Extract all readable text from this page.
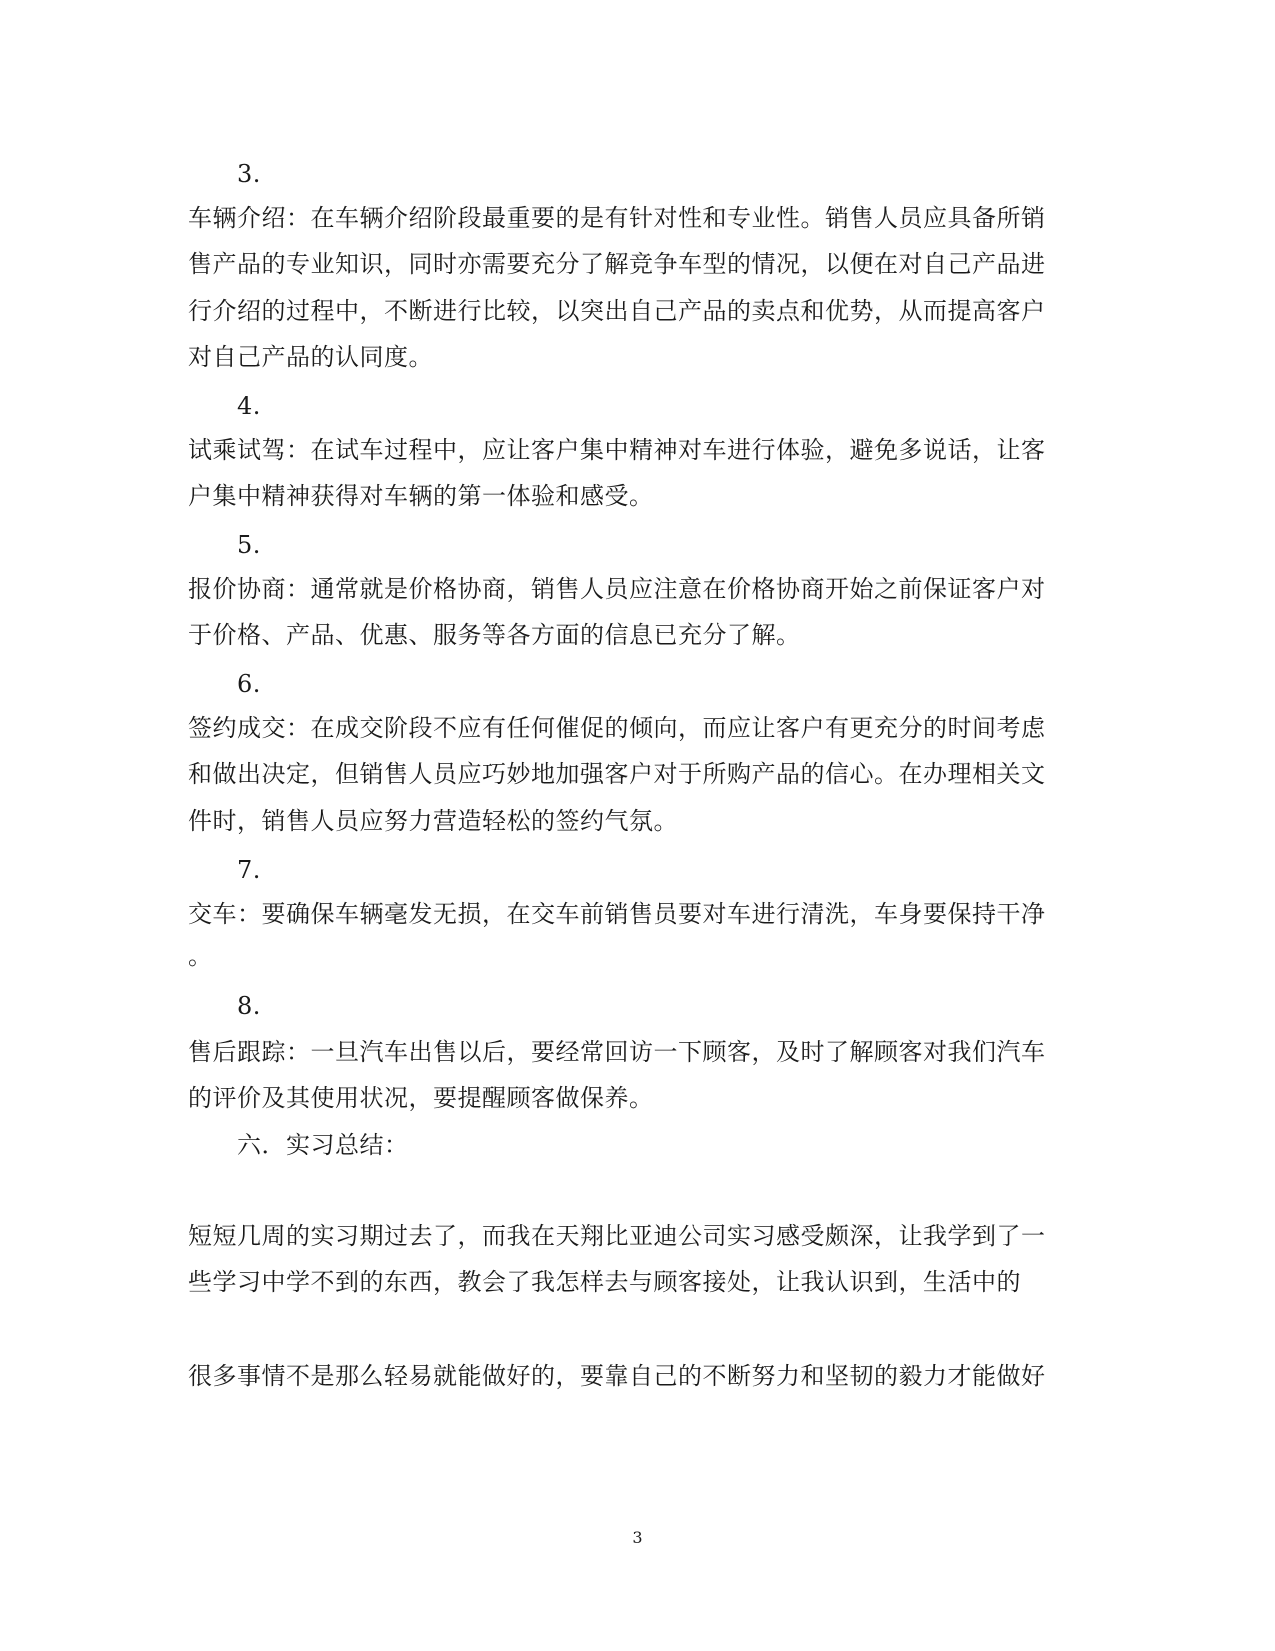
3.
车辆介绍：在车辆介绍阶段最重要的是有针对性和专业性。销售人员应具备所销
售产品的专业知识，同时亦需要充分了解竞争车型的情况，以便在对自己产品进
行介绍的过程中，不断进行比较，以突出自己产品的卖点和优势，从而提高客户
对自己产品的认同度。
4.
试乘试驾：在试车过程中，应让客户集中精神对车进行体验，避免多说话，让客
户集中精神获得对车辆的第一体验和感受。
5.
报价协商：通常就是价格协商，销售人员应注意在价格协商开始之前保证客户对
于价格、产品、优惠、服务等各方面的信息已充分了解。
6.
签约成交：在成交阶段不应有任何催促的倾向，而应让客户有更充分的时间考虑
和做出决定，但销售人员应巧妙地加强客户对于所购产品的信心。在办理相关文
件时，销售人员应努力营造轻松的签约气氛。
7.
交车：要确保车辆毫发无损，在交车前销售员要对车进行清洗，车身要保持干净
。
8.
售后跟踪：一旦汽车出售以后，要经常回访一下顾客，及时了解顾客对我们汽车
的评价及其使用状况，要提醒顾客做保养。
六．实习总结：
短短几周的实习期过去了，而我在天翔比亚迪公司实习感受颇深，让我学到了一
些学习中学不到的东西，教会了我怎样去与顾客接处，让我认识到，生活中的
很多事情不是那么轻易就能做好的，要靠自己的不断努力和坚韧的毅力才能做好
3
